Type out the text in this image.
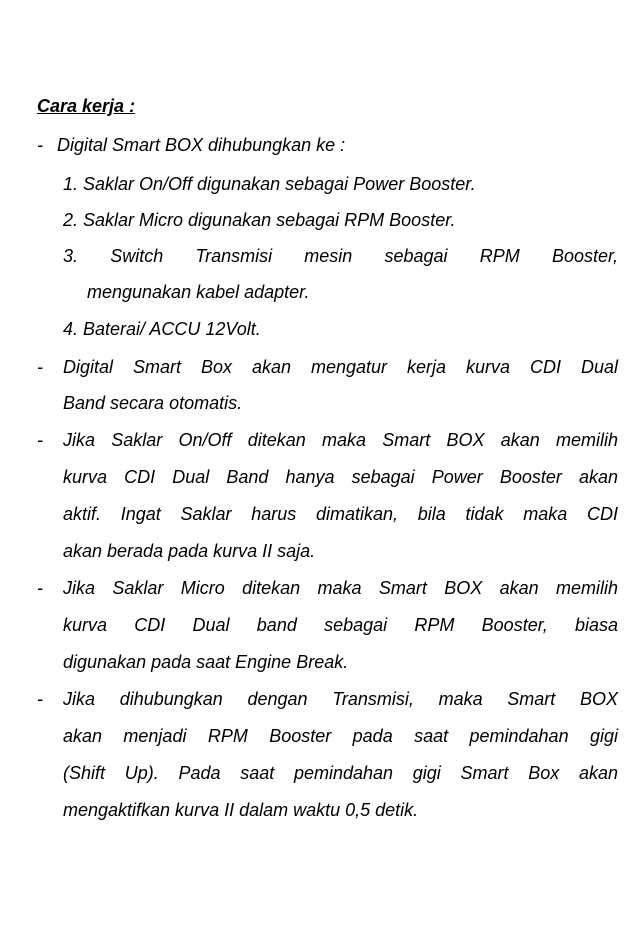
Cara kerja :
- Digital Smart BOX dihubungkan ke :
1. Saklar On/Off digunakan sebagai Power Booster.
2. Saklar Micro digunakan sebagai RPM Booster.
3. Switch Transmisi mesin sebagai RPM Booster,
mengunakan kabel adapter.
4. Baterai/ ACCU 12Volt.
- Digital Smart Box akan mengatur kerja kurva CDI Dual
Band secara otomatis.
- Jika Saklar On/Off ditekan maka Smart BOX akan memilih
kurva CDI Dual Band hanya sebagai Power Booster akan
aktif. Ingat Saklar harus dimatikan, bila tidak maka CDI
akan berada pada kurva II saja.
- Jika Saklar Micro ditekan maka Smart BOX akan memilih
kurva CDI Dual band sebagai RPM Booster, biasa
digunakan pada saat Engine Break.
- Jika dihubungkan dengan Transmisi, maka Smart BOX
akan menjadi RPM Booster pada saat pemindahan gigi
(Shift Up). Pada saat pemindahan gigi Smart Box akan
mengaktifkan kurva II dalam waktu 0,5 detik.
